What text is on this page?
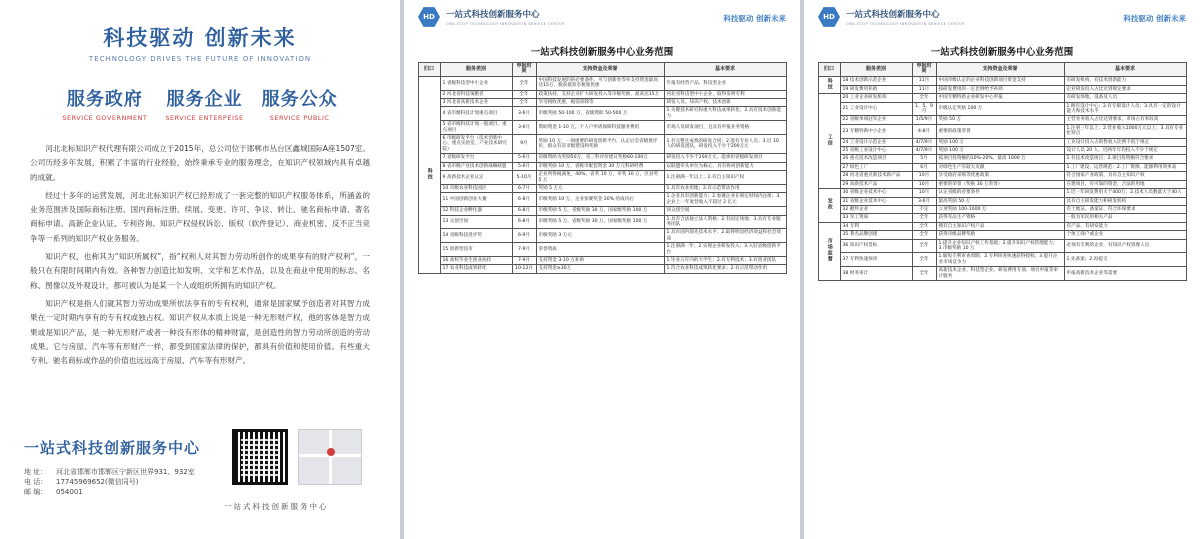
科技驱动 创新未来
TECHNOLOGY DRIVES THE FUTURE OF INNOVATION
服务政府
SERVICE GOVERNMENT
服务企业
SERVICE ENTERPEISE
服务公众
SERVICE PUBLIC

河北北标知识产权代理有限公司成立于2015年，总公司位于邯郸市丛台区鑫城国际A座1507室。公司历经多年发展，积累了丰富的行业经验，始终秉承专业的服务理念，在知识产权领域内具有卓越的成就。

经过十多年的运营发展，河北北标知识产权已经形成了一套完整的知识产权服务体系，所涵盖的业务范围涉及国际商标注册、国内商标注册、续展、变更、许可、争议、转让、驰名商标申请、著名商标申请、高新企业认证、专利咨询、知识产权侵权诉讼、版权（软件登记）、商业机密、反不正当竞争等一系列的知识产权业务服务。

知识产权，也称其为“知识所属权”，指“权利人对其智力劳动所创作的成果享有的财产权利”，一般只在有限时间期内有效。各种智力创造比如发明、文学和艺术作品，以及在商业中使用的标志、名称、图像以及外观设计，都可被认为是某一个人或组织所拥有的知识产权。

知识产权是指人们就其智力劳动成果所依法享有的专有权利，通常是国家赋予创造者对其智力成果在一定时期内享有的专有权或独占权。知识产权从本质上说是一种无形财产权，他的客体是智力成果或是知识产品，是一种无形财产或者一种没有形体的精神财富，是创造性的智力劳动所创造的劳动成果。它与房屋、汽车等有形财产一样，都受到国家法律的保护，都具有价值和使用价值。有些重大专利、驰名商标或作品的价值也远远高于房屋、汽车等有形财产。

一站式科技创新服务中心
地 址：	河北省邯郸市邯郸区宁新区世界931、932室
电 话：	17745969652(微信同号)
邮 编：	054001
一站式科技创新服务中心
HD	一站式科技创新服务中心
ONE-STOP TECHNOLOGY INNOVATION SERVICE CENTER
科技驱动 创新未来
一站式科技创新服务中心业务范围
归口	服务类别	申报时间	支持资金及荣誉	基本要求
科技	1 省级科技型中小企业	全年	中国科技发展的的必要条件。可与创新券等举支持资金最高达15万，税前抵扣享税收优惠	年报有经营产品、科技型企业
	2 河北省科技领跑者	全年	政策扶持，支持企业扩大研发投入等市级奖励，最高达15万	河北省科技型中小企业，取得发明专利
	3 河北省高新技术企业	全年	享受税收优惠，税前扣除等	研发人员、知识产权、技术创新
	4 省市级科技计划重点项目	3-6月	市级奖励 50-100 万，省级资助 50-500 万	1.关键技术研究和重大科技成果转化；2.具有技术创新能力
	5 省市级科技计划一般项目、重点项目	3-6月	资助资金 1-10 万，个人户申请保障科技服务费用	市场人员研发项目，且具有申报业务资格
	6 市级研发平台（技术创新中心、重点实验室、产业技术研究院）	9月	奖励 10 万，一项重要的研发创新平台，认定后会省级批评价，群众有省市级建设和奖励	1.有完整且成熟的研发合同；2.能有专业人员；3.近 10 人的研发团队，研发投入不少于200万元
	7 省级研发平台	5-6月	省级资助为奖励50万，省三科评价建议奖励60-100万	研发投入不少于200万元，能承担省级研发项目
	8 省市级产业技术创新战略联盟	5-6月	市级奖励 10 万，省级市配套资金 30 万元科研经费	以联盟牵头单位为核心，具有协同创新能力
	9 高新技术企业认定	5-10月	企业所得税减免，40%，省奖 10 万，市奖 10 万，区县奖 5 万	1.注册满一年以上；2.有自主知识产权
	10 市级农业科技园区	6-7月	奖励 5 万元	1.具有农业用地；2.有示范带动作用
	11 中国创新创业大赛	6-8月	市级奖励 10 万，企业参赛奖金 20% 的成功后	1.企业具有创新能力；2.参赛企业在规定时间内注册；3.企业上一年度营收入不超过 2 亿元
	12 科技企业孵化器	6-8月	市级奖励 5 万，省级奖励 30 万，国家级奖励 100 万	同众创空间
	13 众创空间	6-8月	市级奖励 5 万，省级奖励 30 万，国家级奖励 100 万	1.具有合法独立法人资格；2.有固定场地；3.具有专业服务团队
	14 省级科技进步奖	6-9月	市级奖励 3 万元	1.具有国内领先技术水平；2.取得明显经济效益和社会效益
	15 创新型县市	7-9月	荣誉资质	1.注册满一年；2.实现企业研发投入；3.入驻省级创新平台
	16 高校毕业生创业扶持	7-9月	支持资金 3-10 万补助	1.毕业五年内的大学生；2.有专利技术；3.有创业团队
	17 农业科技成果转化	10-12月	支持资金≥30万	1.符合农业科技成果转化要求；2.有示范带动作用
HD	一站式科技创新服务中心
ONE-STOP TECHNOLOGY INNOVATION SERVICE CENTER
科技驱动 创新未来
一站式科技创新服务中心业务范围
归口	服务类别	申报时间	支持资金及荣誉	基本要求
科技	18 技术创新示范企业	11月	中国市级认定的企业科技创新项目资金支持	有研发机构，有技术创新能力
	19 研发费用补助	11月	按研发费用的一定比例给予补助	企业研发投入占比达到规定要求
工信	20 工业企业研发机构	全年	中国专精特新企业研发中心申报	有研发场地、设备及人员
	21 工业设计中心	1、5、9月	市级认定奖励 100 万	1.拥有设计中心；2.有专职设计人员；3.具有一定的设计能力和技术水平
	22 省级单项冠军企业	1/5/9月	奖励 50 万	主营业务收入占比达到要求，市场占有率较高
	23 专精特新中小企业	4-8月	重要的政策荣誉	1.注册三年以上；2.营业收入1000万元以上；3.具有专业化特点
	24 工业设计示范企业	4/7/9月	奖励 100 万	工业设计投入占销售收入比例不低于规定
	25 省级工业设计中心	4/7/9月	奖励 100 万	设计人员 20 人，近两年年均投入不少于规定
	26 重点技术改造项目	5月	按项目投资额的10%-20%，最高 1000 万	1.有技术改造项目；2.项目投资额符合要求
	27 绿色工厂	6月	对绿色生产有较大贡献	1.工厂建设、运营规范；2.工厂资源、能源利用效率高
	28 河北省重点新技术新产品	10月	享受政府采购等优惠政策	符合国家产业政策，具有自主知识产权
	29 高新技术产品	10月	重要的荣誉（奖励 30 万荣誉）	在建项目，有可靠的资金、合法的用地
发改	30 省级企业技术中心	10月	认定省级的必要条件	1.近一年研发费用大于400万；2.技术人员数量大于40人
	31 省级企业技术中心	3-6月	最高奖励 50 万	具有自主研发能力和研发机构
	32 瞪羚企业	不定	立项奖励 100-1000 万	有土地证、备案证、符合环保要求
	33 军工资质	全年	获得军品生产资格	一般为军民用相关产品
市场监督	34 专利	全年	拥有自主知识产权产品	有产品、有研发能力
	35 著名品牌创建	全年	获得市级品牌奖励	个体工商户或企业
	36 知识产权贯标	全年	1.提升企业知识产权工作基础；2.提升知识产权管理能力；3.市级奖励 10 万	必须有专利的企业，有知识产权管理人员
	37 专利快速预审	全年	1.缩短专利审查周期；2.专利审查快速获得授权；3.提升企业市场竞争力	1.先备案；2.再提交
	38 财务审计	全年	高新技术企业、科技型企业、研发费用专项、项目申报等审计服务	申报高新技术企业等需要
